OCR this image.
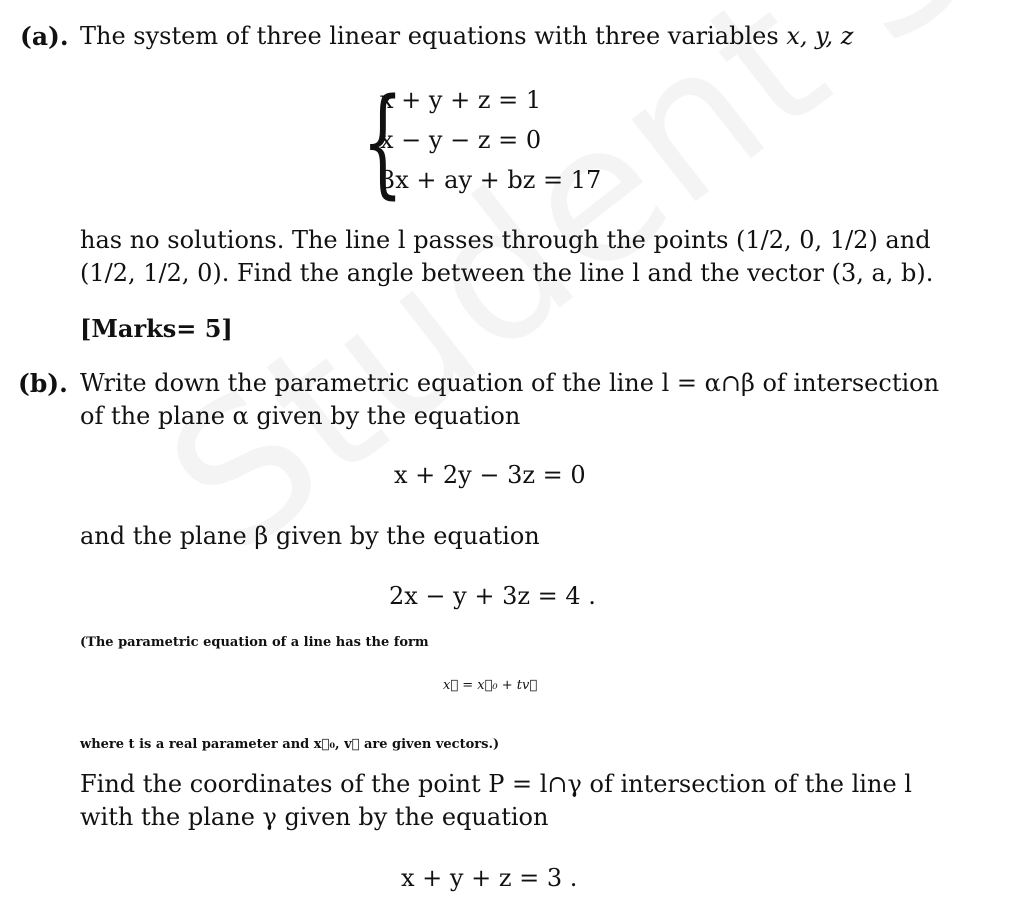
(a). The system of three linear equations with three variables x, y, z
{
x + y + z = 1
x − y − z = 0
3x + ay + bz = 17
has no solutions. The line l passes through the points (1/2, 0, 1/2) and
(1/2, 1/2, 0). Find the angle between the line l and the vector (3, a, b).
[Marks= 5]
(b). Write down the parametric equation of the line l = α∩β of intersection
of the plane α given by the equation
x + 2y − 3z = 0
and the plane β given by the equation
2x − y + 3z = 4 .
(The parametric equation of a line has the form
x⃗ = x⃗₀ + tv⃗
where t is a real parameter and x⃗₀, v⃗ are given vectors.)
Find the coordinates of the point P = l∩γ of intersection of the line l
with the plane γ given by the equation
x + y + z = 3 .
